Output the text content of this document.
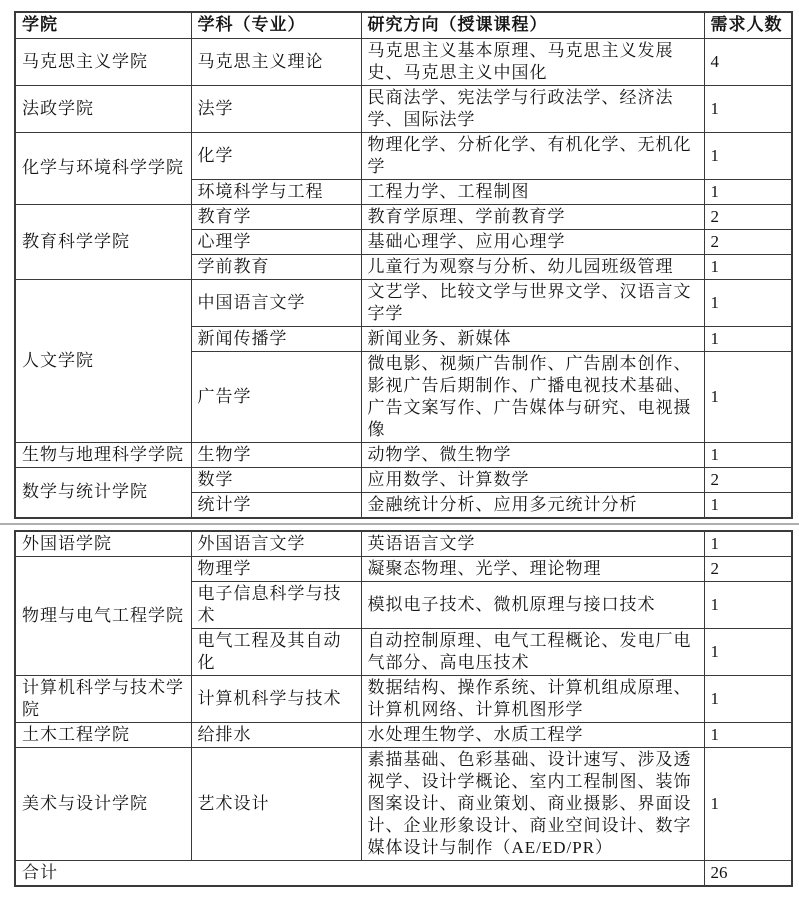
学院	学科（专业）	研究方向（授课课程）	需求人数
马克思主义学院	马克思主义理论	马克思主义基本原理、马克思主义发展史、马克思主义中国化	4
法政学院	法学	民商法学、宪法学与行政法学、经济法学、国际法学	1
化学与环境科学学院	化学	物理化学、分析化学、有机化学、无机化学	1
	环境科学与工程	工程力学、工程制图	1
教育科学学院	教育学	教育学原理、学前教育学	2
	心理学	基础心理学、应用心理学	2
	学前教育	儿童行为观察与分析、幼儿园班级管理	1
人文学院	中国语言文学	文艺学、比较文学与世界文学、汉语言文字学	1
	新闻传播学	新闻业务、新媒体	1
	广告学	微电影、视频广告制作、广告剧本创作、影视广告后期制作、广播电视技术基础、广告文案写作、广告媒体与研究、电视摄像	1
生物与地理科学学院	生物学	动物学、微生物学	1
数学与统计学院	数学	应用数学、计算数学	2
	统计学	金融统计分析、应用多元统计分析	1
外国语学院	外国语言文学	英语语言文学	1
物理与电气工程学院	物理学	凝聚态物理、光学、理论物理	2
	电子信息科学与技术	模拟电子技术、微机原理与接口技术	1
	电气工程及其自动化	自动控制原理、电气工程概论、发电厂电气部分、高电压技术	1
计算机科学与技术学院	计算机科学与技术	数据结构、操作系统、计算机组成原理、计算机网络、计算机图形学	1
土木工程学院	给排水	水处理生物学、水质工程学	1
美术与设计学院	艺术设计	素描基础、色彩基础、设计速写、涉及透视学、设计学概论、室内工程制图、装饰图案设计、商业策划、商业摄影、界面设计、企业形象设计、商业空间设计、数字媒体设计与制作（AE/ED/PR）	1
合计			26
